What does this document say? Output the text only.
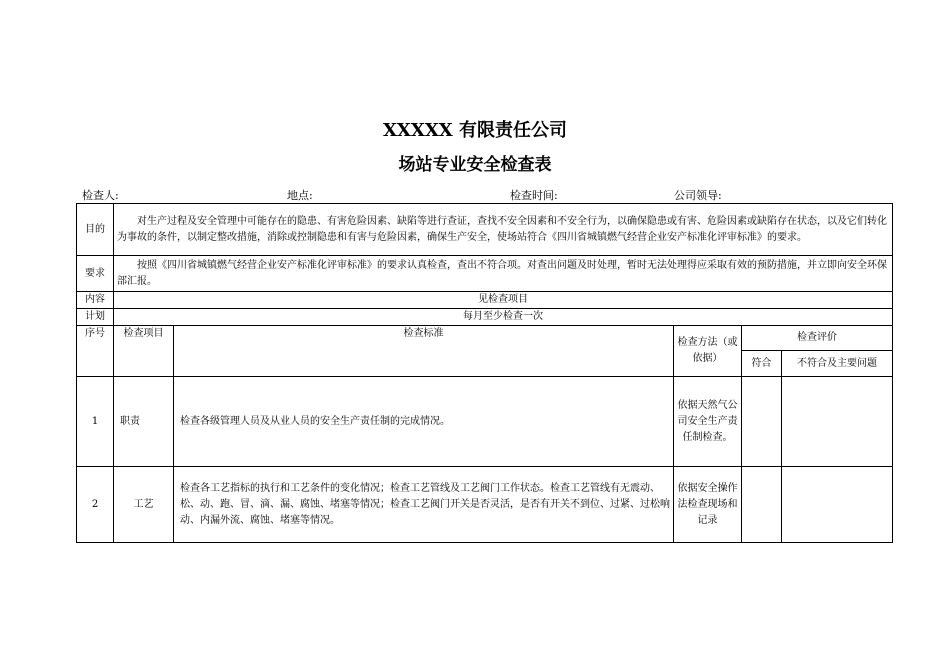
XXXXX 有限责任公司
场站专业安全检查表
检查人:	地点:	检查时间:	公司领导:
目的	对生产过程及安全管理中可能存在的隐患、有害危险因素、缺陷等进行查证，查找不安全因素和不安全行为，以确保隐患或有害、危险因素或缺陷存在状态，以及它们转化为事故的条件，以制定整改措施，消除或控制隐患和有害与危险因素，确保生产安全，使场站符合《四川省城镇燃气经营企业安产标准化评审标准》的要求。				
要求	按照《四川省城镇燃气经营企业安产标准化评审标准》的要求认真检查，查出不符合项。对查出问题及时处理，暂时无法处理得应采取有效的预防措施，并立即向安全环保部汇报。				
内容	见检查项目				
计划	每月至少检查一次				
序号	检查项目	检查标准	检查方法（或依据）	检查评价	
				符合	不符合及主要问题
1	职责	检查各级管理人员及从业人员的安全生产责任制的完成情况。	依据天然气公司安全生产责任制检查。		
2	工艺	检查各工艺指标的执行和工艺条件的变化情况；检查工艺管线及工艺阀门工作状态。检查工艺管线有无震动、松、动、跑、冒、滴、漏、腐蚀、堵塞等情况；检查工艺阀门开关是否灵活，是否有开关不到位、过紧、过松响动、内漏外流、腐蚀、堵塞等情况。	依据安全操作法检查现场和记录		
